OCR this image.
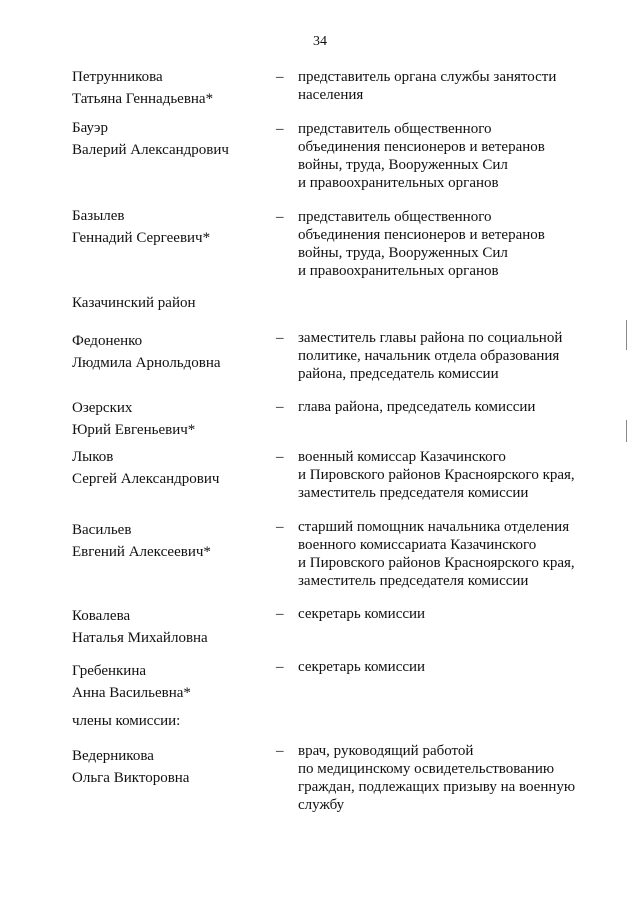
34
Петрунникова
Татьяна Геннадьевна*
– представитель органа службы занятости
населения
Бауэр
Валерий Александрович
– представитель общественного
объединения пенсионеров и ветеранов
войны, труда, Вооруженных Сил
и правоохранительных органов
Базылев
Геннадий Сергеевич*
– представитель общественного
объединения пенсионеров и ветеранов
войны, труда, Вооруженных Сил
и правоохранительных органов
Казачинский район
Федоненко
Людмила Арнольдовна
– заместитель главы района по социальной
политике, начальник отдела образования
района, председатель комиссии
Озерских
Юрий Евгеньевич*
– глава района, председатель комиссии
Лыков
Сергей Александрович
– военный комиссар Казачинского
и Пировского районов Красноярского края,
заместитель председателя комиссии
Васильев
Евгений Алексеевич*
– старший помощник начальника отделения
военного комиссариата Казачинского
и Пировского районов Красноярского края,
заместитель председателя комиссии
Ковалева
Наталья Михайловна
– секретарь комиссии
Гребенкина
Анна Васильевна*
– секретарь комиссии
члены комиссии:
Ведерникова
Ольга Викторовна
– врач, руководящий работой
по медицинскому освидетельствованию
граждан, подлежащих призыву на военную
службу
